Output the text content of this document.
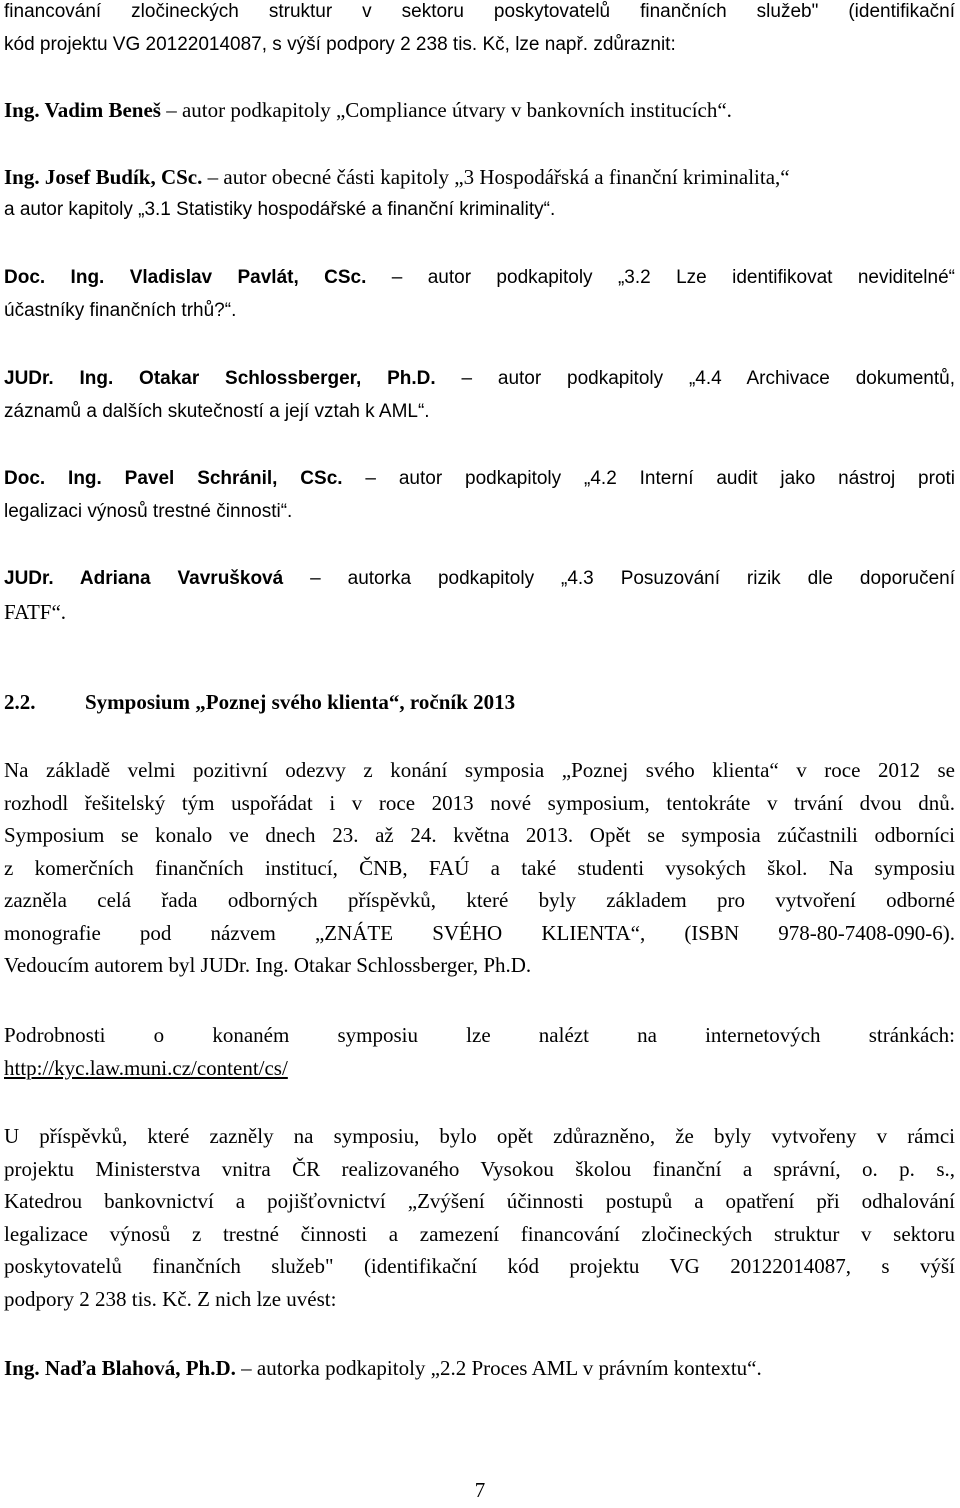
financování zločineckých struktur v sektoru poskytovatelů finančních služeb" (identifikační
kód projektu VG 20122014087, s výší podpory 2 238 tis. Kč, lze např. zdůraznit:
Ing. Vadim Beneš – autor podkapitoly „Compliance útvary v bankovních institucích“.
Ing. Josef Budík, CSc. – autor obecné části kapitoly „3 Hospodářská a finanční kriminalita,“
a autor kapitoly „3.1 Statistiky hospodářské a finanční kriminality“.
Doc. Ing. Vladislav Pavlát, CSc. – autor podkapitoly „3.2 Lze identifikovat neviditelné“
účastníky finančních trhů?“.
JUDr. Ing. Otakar Schlossberger, Ph.D. – autor podkapitoly „4.4 Archivace dokumentů,
záznamů a dalších skutečností a její vztah k AML“.
Doc. Ing. Pavel Schránil, CSc. – autor podkapitoly „4.2 Interní audit jako nástroj proti
legalizaci výnosů trestné činnosti“.
JUDr. Adriana Vavrušková – autorka podkapitoly „4.3 Posuzování rizik dle doporučení
FATF“.
2.2. Symposium „Poznej svého klienta“, ročník 2013
Na základě velmi pozitivní odezvy z konání symposia „Poznej svého klienta“ v roce 2012 se
rozhodl řešitelský tým uspořádat i v roce 2013 nové symposium, tentokráte v trvání dvou dnů.
Symposium se konalo ve dnech 23. až 24. května 2013. Opět se symposia zúčastnili odborníci
z komerčních finančních institucí, ČNB, FAÚ a také studenti vysokých škol. Na symposiu
zazněla celá řada odborných příspěvků, které byly základem pro vytvoření odborné
monografie pod názvem „ZNÁTE SVÉHO KLIENTA“, (ISBN 978-80-7408-090-6).
Vedoucím autorem byl JUDr. Ing. Otakar Schlossberger, Ph.D.
Podrobnosti o konaném symposiu lze nalézt na internetových stránkách:
http://kyc.law.muni.cz/content/cs/
U příspěvků, které zazněly na symposiu, bylo opět zdůrazněno, že byly vytvořeny v rámci
projektu Ministerstva vnitra ČR realizovaného Vysokou školou finanční a správní, o. p. s.,
Katedrou bankovnictví a pojišťovnictví „Zvýšení účinnosti postupů a opatření při odhalování
legalizace výnosů z trestné činnosti a zamezení financování zločineckých struktur v sektoru
poskytovatelů finančních služeb" (identifikační kód projektu VG 20122014087, s výší
podpory 2 238 tis. Kč. Z nich lze uvést:
Ing. Naďa Blahová, Ph.D. – autorka podkapitoly „2.2 Proces AML v právním kontextu“.
7
